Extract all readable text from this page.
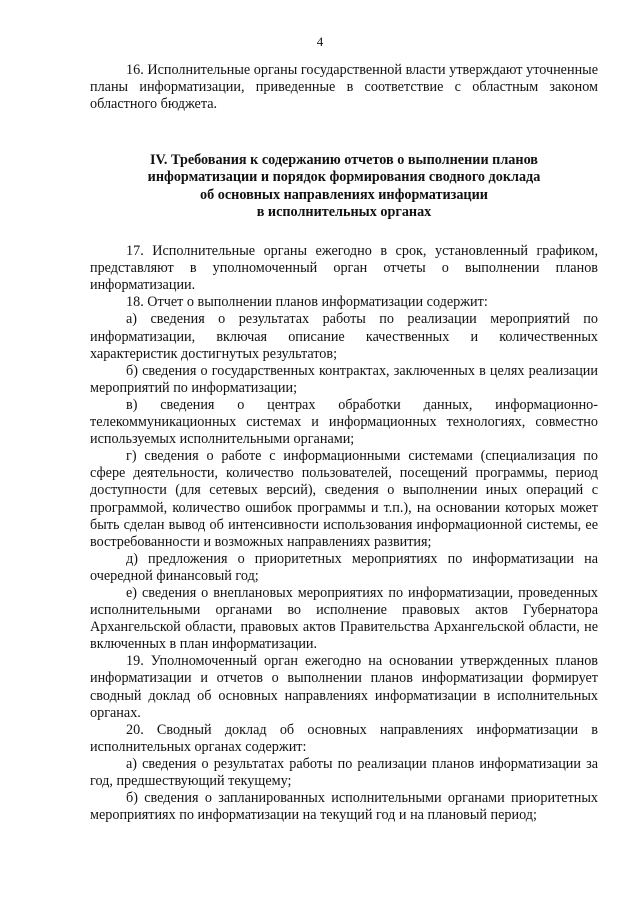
4

16. Исполнительные органы государственной власти утверждают уточненные планы информатизации, приведенные в соответствие с областным законом областного бюджета.

IV. Требования к содержанию отчетов о выполнении планов

информатизации и порядок формирования сводного доклада

об основных направлениях информатизации

в исполнительных органах

17. Исполнительные органы ежегодно в срок, установленный графиком, представляют в уполномоченный орган отчеты о выполнении планов информатизации.

18. Отчет о выполнении планов информатизации содержит:

а) сведения о результатах работы по реализации мероприятий по информатизации, включая описание качественных и количественных характеристик достигнутых результатов;

б) сведения о государственных контрактах, заключенных в целях реализации мероприятий по информатизации;

в) сведения о центрах обработки данных, информационно-телекоммуникационных системах и информационных технологиях, совместно используемых исполнительными органами;

г) сведения о работе с информационными системами (специализация по сфере деятельности, количество пользователей, посещений программы, период доступности (для сетевых версий), сведения о выполнении иных операций с программой, количество ошибок программы и т.п.), на основании которых может быть сделан вывод об интенсивности использования информационной системы, ее востребованности и возможных направлениях развития;

д) предложения о приоритетных мероприятиях по информатизации на очередной финансовый год;

е) сведения о внеплановых мероприятиях по информатизации, проведенных исполнительными органами во исполнение правовых актов Губернатора Архангельской области, правовых актов Правительства Архангельской области, не включенных в план информатизации.

19. Уполномоченный орган ежегодно на основании утвержденных планов информатизации и отчетов о выполнении планов информатизации формирует сводный доклад об основных направлениях информатизации в исполнительных органах.

20. Сводный доклад об основных направлениях информатизации в исполнительных органах содержит:

а) сведения о результатах работы по реализации планов информатизации за год, предшествующий текущему;

б) сведения о запланированных исполнительными органами приоритетных мероприятиях по информатизации на текущий год и на плановый период;
